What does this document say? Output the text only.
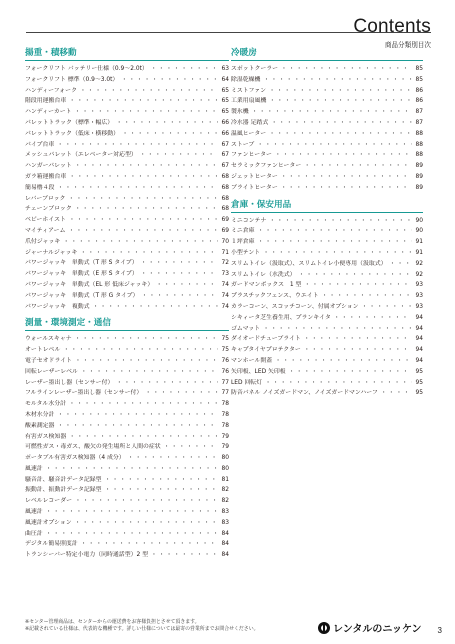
Contents
商品分類別目次
揚重・積移動
フォークリフト バッテリー仕様（0.9～2.0t） ・・・・・・・・・・・・・・・・・・・・・・・・・・・・・・・・・・・・・・・・・・・・・・・・・・・・・・	63
フォークリフト 標準（0.9～3.0t） ・・・・・・・・・・・・・・・・・・・・・・・・・・・・・・・・・・・・・・・・・・・・・・・・・・・・・・	64
ハンディーフォーク ・・・・・・・・・・・・・・・・・・・・・・・・・・・・・・・・・・・・・・・・・・・・・・・・・・・・・・	65
階段用運搬台車 ・・・・・・・・・・・・・・・・・・・・・・・・・・・・・・・・・・・・・・・・・・・・・・・・・・・・・・	65
ハンディーカート ・・・・・・・・・・・・・・・・・・・・・・・・・・・・・・・・・・・・・・・・・・・・・・・・・・・・・・	65
パレットトラック（標準・幅広） ・・・・・・・・・・・・・・・・・・・・・・・・・・・・・・・・・・・・・・・・・・・・・・・・・・・・・・	66
パレットトラック（低床・横移動） ・・・・・・・・・・・・・・・・・・・・・・・・・・・・・・・・・・・・・・・・・・・・・・・・・・・・・・	66
パイプ台車 ・・・・・・・・・・・・・・・・・・・・・・・・・・・・・・・・・・・・・・・・・・・・・・・・・・・・・・	67
メッシュパレット（エレベーター対応型） ・・・・・・・・・・・・・・・・・・・・・・・・・・・・・・・・・・・・・・・・・・・・・・・・・・・・・・	67
ハンガーパレット ・・・・・・・・・・・・・・・・・・・・・・・・・・・・・・・・・・・・・・・・・・・・・・・・・・・・・・	67
ガラ箱運搬台車 ・・・・・・・・・・・・・・・・・・・・・・・・・・・・・・・・・・・・・・・・・・・・・・・・・・・・・・	68
簡易櫓４段 ・・・・・・・・・・・・・・・・・・・・・・・・・・・・・・・・・・・・・・・・・・・・・・・・・・・・・・	68
レバーブロック ・・・・・・・・・・・・・・・・・・・・・・・・・・・・・・・・・・・・・・・・・・・・・・・・・・・・・・	68
チェーンブロック ・・・・・・・・・・・・・・・・・・・・・・・・・・・・・・・・・・・・・・・・・・・・・・・・・・・・・・	68
ベビーホイスト ・・・・・・・・・・・・・・・・・・・・・・・・・・・・・・・・・・・・・・・・・・・・・・・・・・・・・・	69
マイティアーム ・・・・・・・・・・・・・・・・・・・・・・・・・・・・・・・・・・・・・・・・・・・・・・・・・・・・・・	69
爪付ジャッキ ・・・・・・・・・・・・・・・・・・・・・・・・・・・・・・・・・・・・・・・・・・・・・・・・・・・・・・	70
ジャーナルジャッキ ・・・・・・・・・・・・・・・・・・・・・・・・・・・・・・・・・・・・・・・・・・・・・・・・・・・・・・	71
パワージャッキ　単動式（T 形 S タイプ） ・・・・・・・・・・・・・・・・・・・・・・・・・・・・・・・・・・・・・・・・・・・・・・・・・・・・・・	72
パワージャッキ　単動式（E 形 S タイプ） ・・・・・・・・・・・・・・・・・・・・・・・・・・・・・・・・・・・・・・・・・・・・・・・・・・・・・・	73
パワージャッキ　単動式（EL 形 低床ジャッキ） ・・・・・・・・・・・・・・・・・・・・・・・・・・・・・・・・・・・・・・・・・・・・・・・・・・・・・・	74
パワージャッキ　単動式（T 形 G タイプ） ・・・・・・・・・・・・・・・・・・・・・・・・・・・・・・・・・・・・・・・・・・・・・・・・・・・・・・	74
パワージャッキ　複動式 ・・・・・・・・・・・・・・・・・・・・・・・・・・・・・・・・・・・・・・・・・・・・・・・・・・・・・・	74
測量・環境測定・通信
ウォールスキャナ ・・・・・・・・・・・・・・・・・・・・・・・・・・・・・・・・・・・・・・・・・・・・・・・・・・・・・・	75
オートレベル ・・・・・・・・・・・・・・・・・・・・・・・・・・・・・・・・・・・・・・・・・・・・・・・・・・・・・・	75
電子セオドライト ・・・・・・・・・・・・・・・・・・・・・・・・・・・・・・・・・・・・・・・・・・・・・・・・・・・・・・	76
回転レーザーレベル ・・・・・・・・・・・・・・・・・・・・・・・・・・・・・・・・・・・・・・・・・・・・・・・・・・・・・・	76
レーザー墨出し器（センサー付） ・・・・・・・・・・・・・・・・・・・・・・・・・・・・・・・・・・・・・・・・・・・・・・・・・・・・・・	77
フルラインレーザー墨出し器（センサー付） ・・・・・・・・・・・・・・・・・・・・・・・・・・・・・・・・・・・・・・・・・・・・・・・・・・・・・・	77
モルタル水分計 ・・・・・・・・・・・・・・・・・・・・・・・・・・・・・・・・・・・・・・・・・・・・・・・・・・・・・・	78
木材水分計 ・・・・・・・・・・・・・・・・・・・・・・・・・・・・・・・・・・・・・・・・・・・・・・・・・・・・・・	78
酸素測定器 ・・・・・・・・・・・・・・・・・・・・・・・・・・・・・・・・・・・・・・・・・・・・・・・・・・・・・・	78
有害ガス検知器 ・・・・・・・・・・・・・・・・・・・・・・・・・・・・・・・・・・・・・・・・・・・・・・・・・・・・・・	79
可燃性ガス・毒ガス、酸欠の発生場所と人間の症状 ・・・・・・・・・・・・・・・・・・・・・・・・・・・・・・・・・・・・・・・・・・・・・・・・・・・・・・	79
ポータブル有害ガス検知器（4 成分） ・・・・・・・・・・・・・・・・・・・・・・・・・・・・・・・・・・・・・・・・・・・・・・・・・・・・・・	80
風速計 ・・・・・・・・・・・・・・・・・・・・・・・・・・・・・・・・・・・・・・・・・・・・・・・・・・・・・・	80
騒音計、騒音計データ記録型 ・・・・・・・・・・・・・・・・・・・・・・・・・・・・・・・・・・・・・・・・・・・・・・・・・・・・・・	81
振動計、振動計データ記録型 ・・・・・・・・・・・・・・・・・・・・・・・・・・・・・・・・・・・・・・・・・・・・・・・・・・・・・・	82
レベルレコーダー ・・・・・・・・・・・・・・・・・・・・・・・・・・・・・・・・・・・・・・・・・・・・・・・・・・・・・・	82
風速計 ・・・・・・・・・・・・・・・・・・・・・・・・・・・・・・・・・・・・・・・・・・・・・・・・・・・・・・	83
風速計オプション ・・・・・・・・・・・・・・・・・・・・・・・・・・・・・・・・・・・・・・・・・・・・・・・・・・・・・・	83
曲圧計 ・・・・・・・・・・・・・・・・・・・・・・・・・・・・・・・・・・・・・・・・・・・・・・・・・・・・・・	84
デジタル簡易照度計 ・・・・・・・・・・・・・・・・・・・・・・・・・・・・・・・・・・・・・・・・・・・・・・・・・・・・・・	84
トランシーバー特定小電力（同時通話型）2 型 ・・・・・・・・・・・・・・・・・・・・・・・・・・・・・・・・・・・・・・・・・・・・・・・・・・・・・・	84
冷暖房
スポットクーラー ・・・・・・・・・・・・・・・・・・・・・・・・・・・・・・・・・・・・・・・・・・・・・・・・・・・・・・	85
除湿乾燥機 ・・・・・・・・・・・・・・・・・・・・・・・・・・・・・・・・・・・・・・・・・・・・・・・・・・・・・・	85
ミストファン ・・・・・・・・・・・・・・・・・・・・・・・・・・・・・・・・・・・・・・・・・・・・・・・・・・・・・・	86
工業用扇風機 ・・・・・・・・・・・・・・・・・・・・・・・・・・・・・・・・・・・・・・・・・・・・・・・・・・・・・・	86
製氷機 ・・・・・・・・・・・・・・・・・・・・・・・・・・・・・・・・・・・・・・・・・・・・・・・・・・・・・・	87
冷水器 足踏式 ・・・・・・・・・・・・・・・・・・・・・・・・・・・・・・・・・・・・・・・・・・・・・・・・・・・・・・	87
温風ヒーター ・・・・・・・・・・・・・・・・・・・・・・・・・・・・・・・・・・・・・・・・・・・・・・・・・・・・・・	88
ストーブ ・・・・・・・・・・・・・・・・・・・・・・・・・・・・・・・・・・・・・・・・・・・・・・・・・・・・・・	88
ファンヒーター ・・・・・・・・・・・・・・・・・・・・・・・・・・・・・・・・・・・・・・・・・・・・・・・・・・・・・・	88
セラミックファンヒーター ・・・・・・・・・・・・・・・・・・・・・・・・・・・・・・・・・・・・・・・・・・・・・・・・・・・・・・	89
ジェットヒーター ・・・・・・・・・・・・・・・・・・・・・・・・・・・・・・・・・・・・・・・・・・・・・・・・・・・・・・	89
ブライトヒーター ・・・・・・・・・・・・・・・・・・・・・・・・・・・・・・・・・・・・・・・・・・・・・・・・・・・・・・	89
倉庫・保安用品
ミニコンテナ ・・・・・・・・・・・・・・・・・・・・・・・・・・・・・・・・・・・・・・・・・・・・・・・・・・・・・・	90
ミニ倉庫 ・・・・・・・・・・・・・・・・・・・・・・・・・・・・・・・・・・・・・・・・・・・・・・・・・・・・・・	90
１坪倉庫 ・・・・・・・・・・・・・・・・・・・・・・・・・・・・・・・・・・・・・・・・・・・・・・・・・・・・・・	91
小型テント ・・・・・・・・・・・・・・・・・・・・・・・・・・・・・・・・・・・・・・・・・・・・・・・・・・・・・・	91
スリムトイレ（汲取式）、スリムトイレ小便専用（汲取式） ・・・・・・・・・・・・・・・・・・・・・・・・・・・・・・・・・・・・・・・・・・・・・・・・・・・・・・	92
スリムトイレ（水洗式） ・・・・・・・・・・・・・・・・・・・・・・・・・・・・・・・・・・・・・・・・・・・・・・・・・・・・・・	92
ガードマンボックス　1 型 ・・・・・・・・・・・・・・・・・・・・・・・・・・・・・・・・・・・・・・・・・・・・・・・・・・・・・・	93
プラスチックフェンス、ウエイト ・・・・・・・・・・・・・・・・・・・・・・・・・・・・・・・・・・・・・・・・・・・・・・・・・・・・・・	93
カラーコーン、スコッチコーン、付属オプション ・・・・・・・・・・・・・・・・・・・・・・・・・・・・・・・・・・・・・・・・・・・・・・・・・・・・・・	93
シキィータ芝生養生用、プランキイタ ・・・・・・・・・・・・・・・・・・・・・・・・・・・・・・・・・・・・・・・・・・・・・・・・・・・・・・	94
ゴムマット ・・・・・・・・・・・・・・・・・・・・・・・・・・・・・・・・・・・・・・・・・・・・・・・・・・・・・・	94
ダイオードチューブライト ・・・・・・・・・・・・・・・・・・・・・・・・・・・・・・・・・・・・・・・・・・・・・・・・・・・・・・	94
キャプタイヤプロテクター ・・・・・・・・・・・・・・・・・・・・・・・・・・・・・・・・・・・・・・・・・・・・・・・・・・・・・・	94
マンホール開蓋 ・・・・・・・・・・・・・・・・・・・・・・・・・・・・・・・・・・・・・・・・・・・・・・・・・・・・・・	94
矢印板、LED 矢印板 ・・・・・・・・・・・・・・・・・・・・・・・・・・・・・・・・・・・・・・・・・・・・・・・・・・・・・・	95
LED 回転灯 ・・・・・・・・・・・・・・・・・・・・・・・・・・・・・・・・・・・・・・・・・・・・・・・・・・・・・・	95
防音パネル ノイズガードマン、ノイズガードマンハーフ ・・・・・・・・・・・・・・・・・・・・・・・・・・・・・・・・・・・・・・・・・・・・・・・・・・・・・・	95
※センター管理商品は、センターからの運送費をお客様負担とさせて頂きます。
※記載されている仕様は、代表的な機種です。詳しい仕様については最寄の営業所までお問合せください。	レンタルのニッケン 3
